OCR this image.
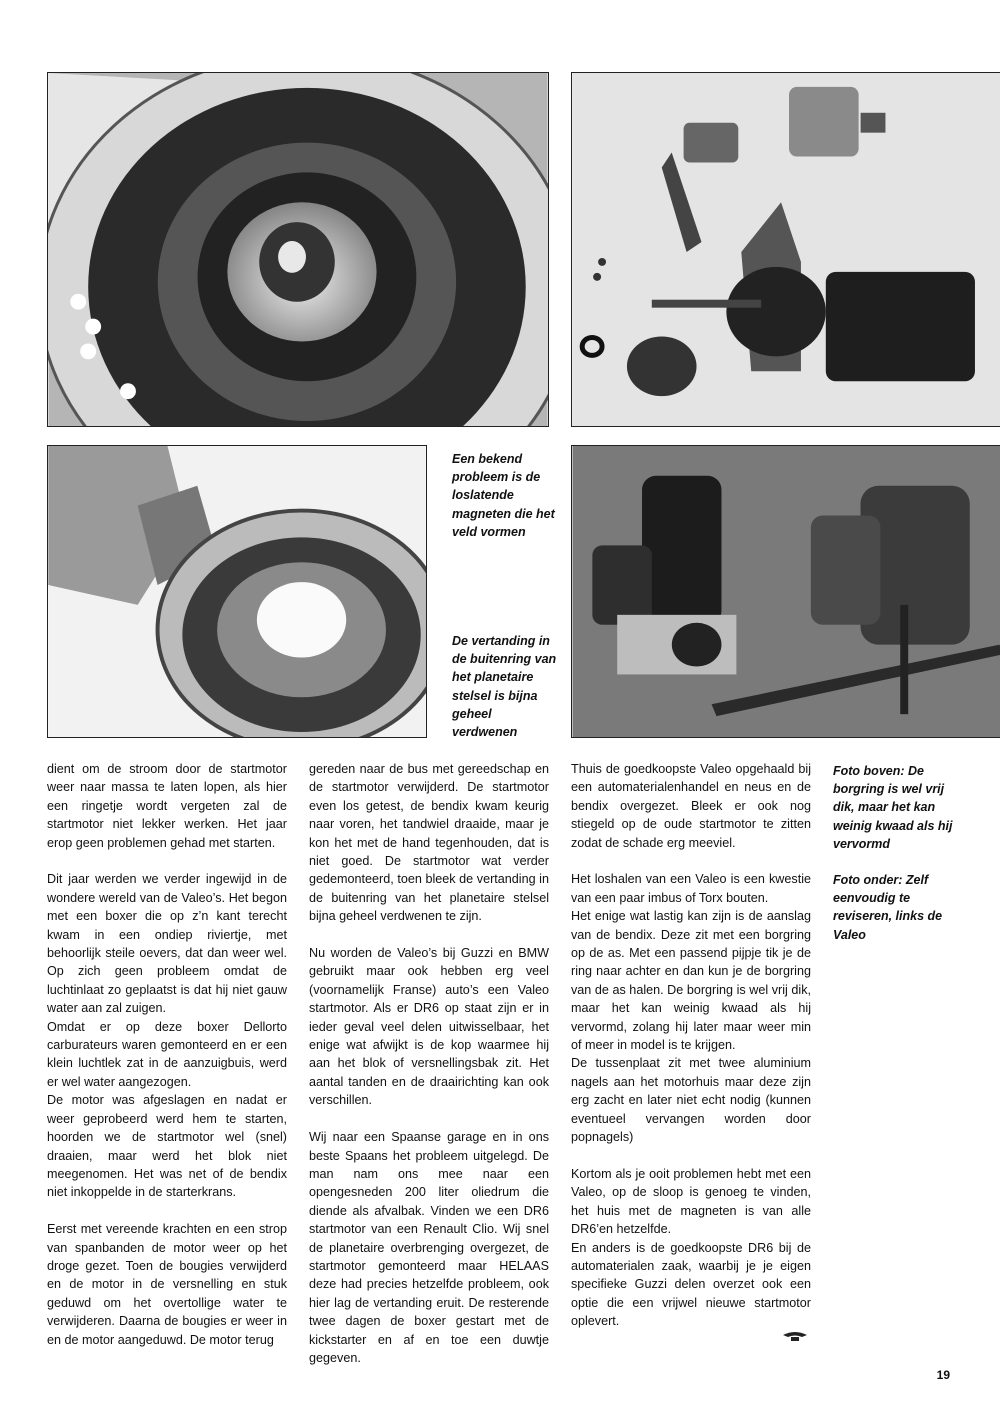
Een bekend probleem is de loslatende magneten die het veld vormen
De vertanding in de buitenring van het planetaire stelsel is bijna geheel verdwenen
Foto boven: De borgring is wel vrij dik, maar het kan weinig kwaad als hij vervormd
Foto onder: Zelf eenvoudig te reviseren, links de Valeo

dient om de stroom door de startmotor weer naar massa te laten lopen, als hier een ringetje wordt vergeten zal de startmotor niet lekker werken. Het jaar erop geen problemen gehad met starten.

Dit jaar werden we verder ingewijd in de wondere wereld van de Valeo’s. Het begon met een boxer die op z’n kant terecht kwam in een ondiep riviertje, met behoorlijk steile oevers, dat dan weer wel. Op zich geen probleem omdat de luchtinlaat zo geplaatst is dat hij niet gauw water aan zal zuigen.

Omdat er op deze boxer Dellorto carburateurs waren gemonteerd en er een klein luchtlek zat in de aanzuigbuis, werd er wel water aangezogen.

De motor was afgeslagen en nadat er weer geprobeerd werd hem te starten, hoorden we de startmotor wel (snel) draaien, maar werd het blok niet meegenomen. Het was net of de bendix niet inkoppelde in de starterkrans.

Eerst met vereende krachten en een strop van spanbanden de motor weer op het droge gezet. Toen de bougies verwijderd en de motor in de versnelling en stuk geduwd om het overtollige water te verwijderen. Daarna de bougies er weer in en de motor aangeduwd. De motor terug

gereden naar de bus met gereedschap en de startmotor verwijderd. De startmotor even los getest, de bendix kwam keurig naar voren, het tandwiel draaide, maar je kon het met de hand tegenhouden, dat is niet goed. De startmotor wat verder gedemonteerd, toen bleek de vertanding in de buitenring van het planetaire stelsel bijna geheel verdwenen te zijn.

Nu worden de Valeo’s bij Guzzi en BMW gebruikt maar ook hebben erg veel (voornamelijk Franse) auto’s een Valeo startmotor. Als er DR6 op staat zijn er in ieder geval veel delen uitwisselbaar, het enige wat afwijkt is de kop waarmee hij aan het blok of versnellingsbak zit. Het aantal tanden en de draairichting kan ook verschillen.

Wij naar een Spaanse garage en in ons beste Spaans het probleem uitgelegd. De man nam ons mee naar een opengesneden 200 liter oliedrum die diende als afvalbak. Vinden we een DR6 startmotor van een Renault Clio. Wij snel de planetaire overbrenging overgezet, de startmotor gemonteerd maar HELAAS deze had precies hetzelfde probleem, ook hier lag de vertanding eruit. De resterende twee dagen de boxer gestart met de kickstarter en af en toe een duwtje gegeven.

Thuis de goedkoopste Valeo opgehaald bij een automaterialenhandel en neus en de bendix overgezet. Bleek er ook nog stiegeld op de oude startmotor te zitten zodat de schade erg meeviel.

Het loshalen van een Valeo is een kwestie van een paar imbus of Torx bouten.

Het enige wat lastig kan zijn is de aanslag van de bendix. Deze zit met een borgring op de as. Met een passend pijpje tik je de ring naar achter en dan kun je de borgring van de as halen. De borgring is wel vrij dik, maar het kan weinig kwaad als hij vervormd, zolang hij later maar weer min of meer in model is te krijgen.

De tussenplaat zit met twee aluminium nagels aan het motorhuis maar deze zijn erg zacht en later niet echt nodig (kunnen eventueel vervangen worden door popnagels)

Kortom als je ooit problemen hebt met een Valeo, op de sloop is genoeg te vinden, het huis met de magneten is van alle DR6’en hetzelfde.

En anders is de goedkoopste DR6 bij de automaterialen zaak, waarbij je je eigen specifieke Guzzi delen overzet ook een optie die een vrijwel nieuwe startmotor oplevert.

19
